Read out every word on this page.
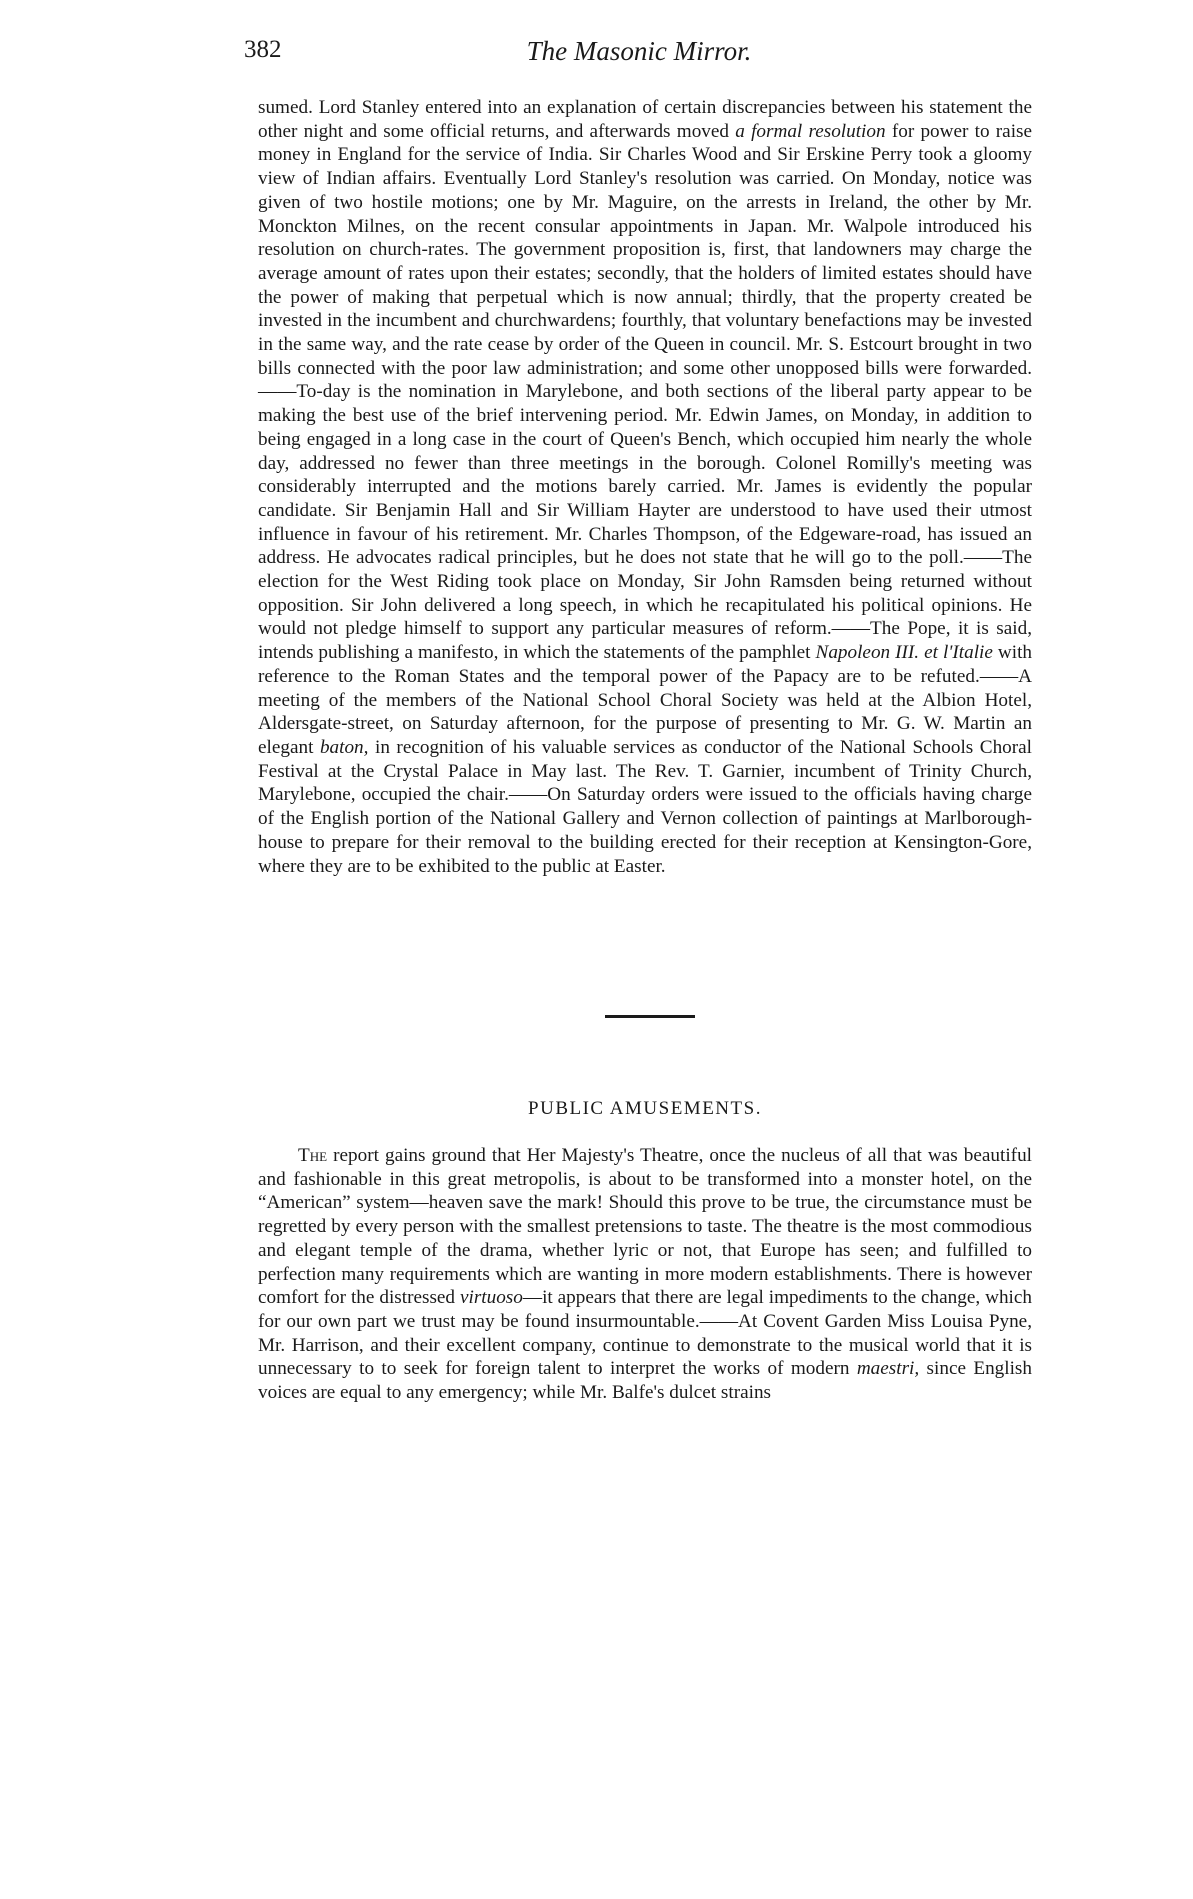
382	The Masonic Mirror.

sumed. Lord Stanley entered into an explanation of certain discrepancies between his statement the other night and some official returns, and afterwards moved a formal resolution for power to raise money in England for the service of India. Sir Charles Wood and Sir Erskine Perry took a gloomy view of Indian affairs. Eventually Lord Stanley's resolution was carried. On Monday, notice was given of two hostile motions; one by Mr. Maguire, on the arrests in Ireland, the other by Mr. Monckton Milnes, on the recent consular appointments in Japan. Mr. Walpole introduced his resolution on church-rates. The government proposition is, first, that landowners may charge the average amount of rates upon their estates; secondly, that the holders of limited estates should have the power of making that perpetual which is now annual; thirdly, that the property created be invested in the incumbent and churchwardens; fourthly, that voluntary benefactions may be invested in the same way, and the rate cease by order of the Queen in council. Mr. S. Estcourt brought in two bills connected with the poor law administration; and some other unopposed bills were forwarded.——To-day is the nomination in Marylebone, and both sections of the liberal party appear to be making the best use of the brief intervening period. Mr. Edwin James, on Monday, in addition to being engaged in a long case in the court of Queen's Bench, which occupied him nearly the whole day, addressed no fewer than three meetings in the borough. Colonel Romilly's meeting was considerably interrupted and the motions barely carried. Mr. James is evidently the popular candidate. Sir Benjamin Hall and Sir William Hayter are understood to have used their utmost influence in favour of his retirement. Mr. Charles Thompson, of the Edgeware-road, has issued an address. He advocates radical principles, but he does not state that he will go to the poll.——The election for the West Riding took place on Monday, Sir John Ramsden being returned without opposition. Sir John delivered a long speech, in which he recapitulated his political opinions. He would not pledge himself to support any particular measures of reform.——The Pope, it is said, intends publishing a manifesto, in which the statements of the pamphlet Napoleon III. et l'Italie with reference to the Roman States and the temporal power of the Papacy are to be refuted.——A meeting of the members of the National School Choral Society was held at the Albion Hotel, Aldersgate-street, on Saturday afternoon, for the purpose of presenting to Mr. G. W. Martin an elegant baton, in recognition of his valuable services as conductor of the National Schools Choral Festival at the Crystal Palace in May last. The Rev. T. Garnier, incumbent of Trinity Church, Marylebone, occupied the chair.——On Saturday orders were issued to the officials having charge of the English portion of the National Gallery and Vernon collection of paintings at Marlborough-house to prepare for their removal to the building erected for their reception at Kensington-Gore, where they are to be exhibited to the public at Easter.

PUBLIC AMUSEMENTS.

The report gains ground that Her Majesty's Theatre, once the nucleus of all that was beautiful and fashionable in this great metropolis, is about to be transformed into a monster hotel, on the “American” system—heaven save the mark! Should this prove to be true, the circumstance must be regretted by every person with the smallest pretensions to taste. The theatre is the most commodious and elegant temple of the drama, whether lyric or not, that Europe has seen; and fulfilled to perfection many requirements which are wanting in more modern establishments. There is however comfort for the distressed virtuoso—it appears that there are legal impediments to the change, which for our own part we trust may be found insurmountable.——At Covent Garden Miss Louisa Pyne, Mr. Harrison, and their excellent company, continue to demonstrate to the musical world that it is unnecessary to to seek for foreign talent to interpret the works of modern maestri, since English voices are equal to any emergency; while Mr. Balfe's dulcet strains
